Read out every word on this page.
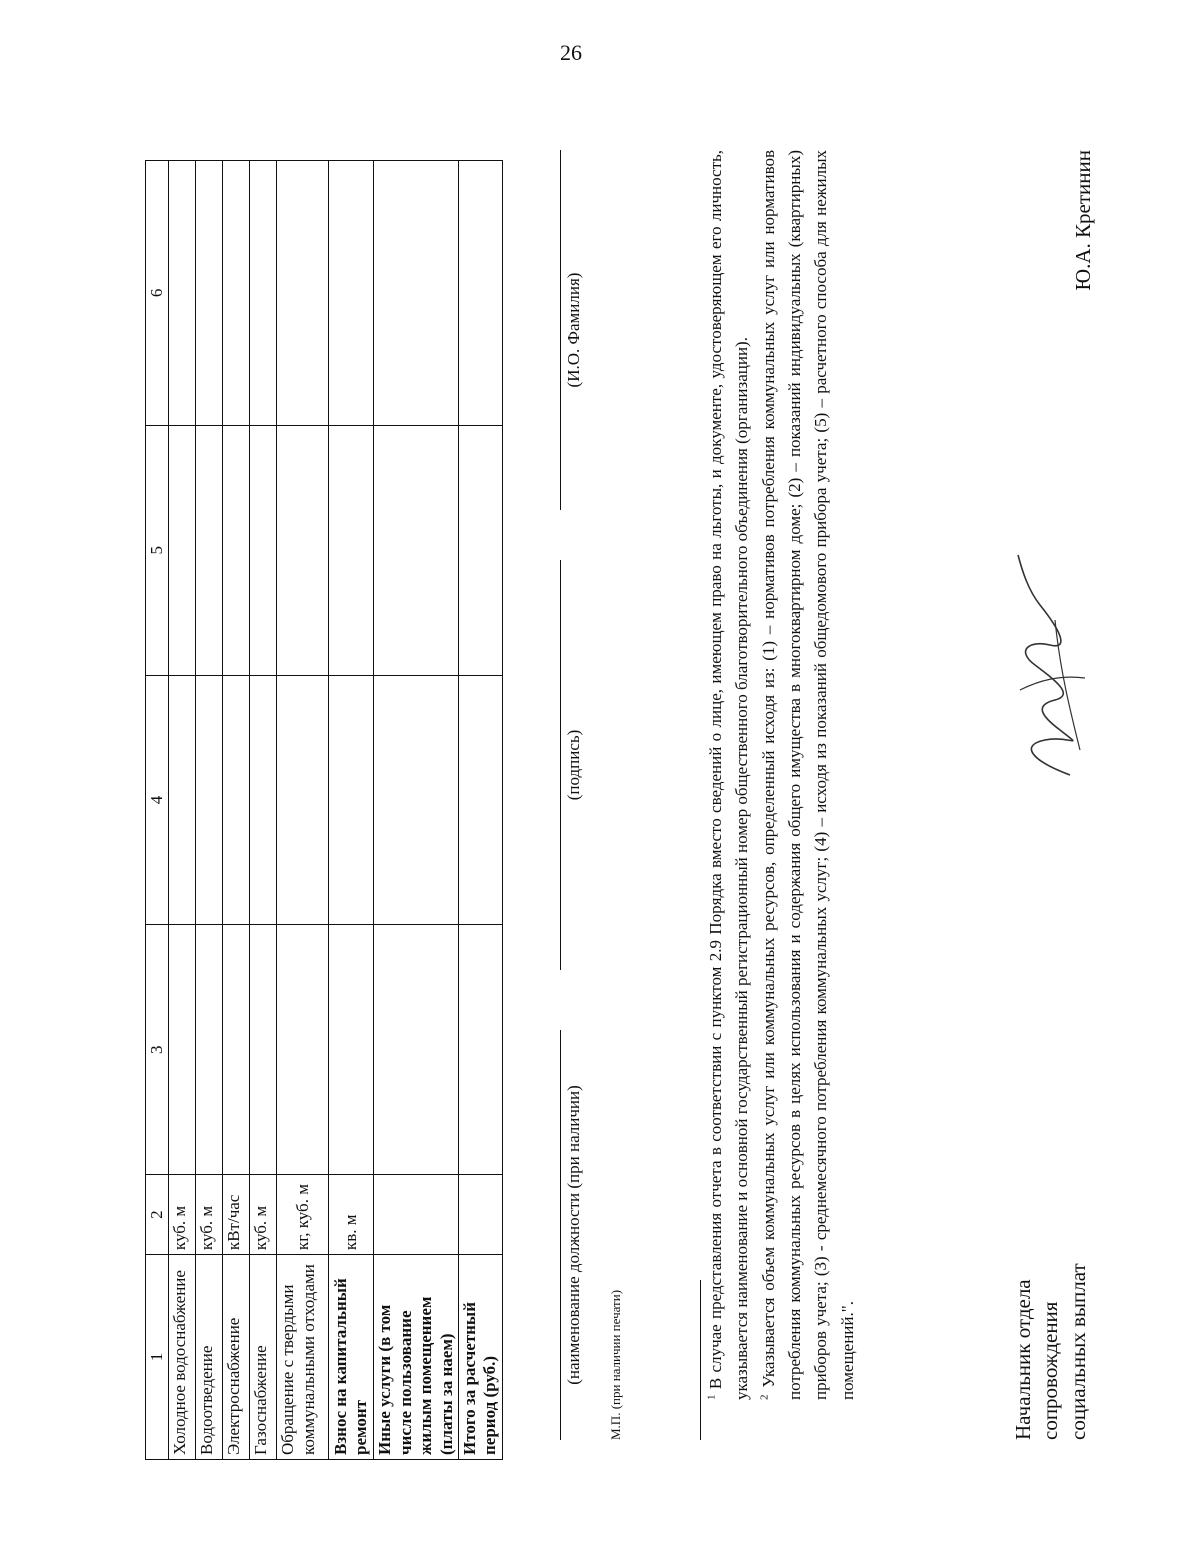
26
1	2	3	4	5	6
Холодное водоснабжение	куб. м				
Водоотведение	куб. м				
Электроснабжение	кВт/час				
Газоснабжение	куб. м				
Обращение с твердыми коммунальными отходами	кг, куб. м				
Взнос на капитальный ремонт	кв. м				
Иные услуги (в том числе пользование жилым помещением (платы за наем)					
Итого за расчетный период (руб.)					
(наименование должности (при наличии)
(подпись)
(И.О. Фамилия)
М.П. (при наличии печати)	$^1$ В случае представления отчета в соответствии с пунктом 2.9 Порядка вместо сведений о лице, имеющем право на льготы, и документе, удостоверяющем его личность, указывается наименование и основной государственный регистрационный номер общественного благотворительного объединения (организации). $^2$ Указывается объем коммунальных услуг или коммунальных ресурсов, определенный исходя из: (1) – нормативов потребления коммунальных услуг или нормативов потребления коммунальных ресурсов в целях использования и содержания общего имущества в многоквартирном доме; (2) – показаний индивидуальных (квартирных) приборов учета; (3) - среднемесячного потребления коммунальных услуг; (4) – исходя из показаний общедомового прибора учета; (5) – расчетного способа для нежилых помещений.".	Начальник отдела сопровождения социальных выплат
Ю.А. Кретинин
